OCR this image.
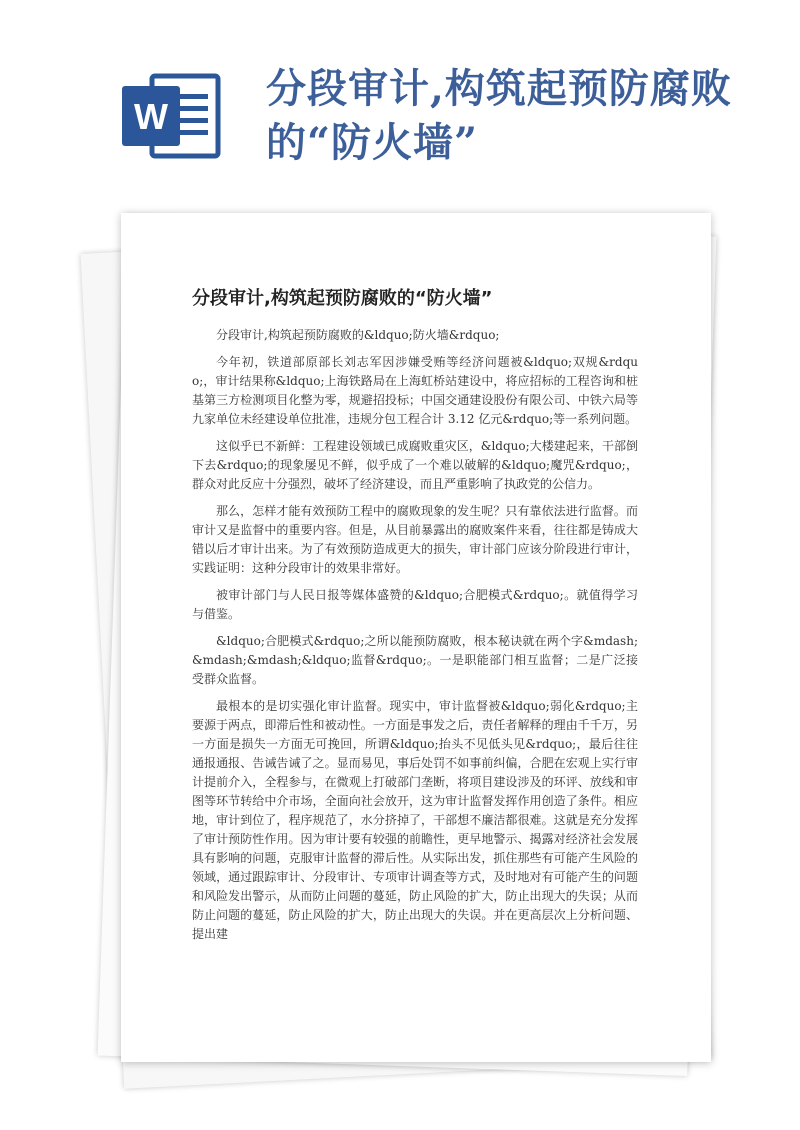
W
分段审计,构筑起预防腐败的“防火墙”
分段审计,构筑起预防腐败的“防火墙”

分段审计,构筑起预防腐败的&ldquo;防火墙&rdquo;

今年初，铁道部原部长刘志军因涉嫌受贿等经济问题被&ldquo;双规&rdquo;，审计结果称&ldquo;上海铁路局在上海虹桥站建设中，将应招标的工程咨询和桩基第三方检测项目化整为零，规避招投标；中国交通建设股份有限公司、中铁六局等九家单位未经建设单位批准，违规分包工程合计 3.12 亿元&rdquo;等一系列问题。

这似乎已不新鲜：工程建设领域已成腐败重灾区，&ldquo;大楼建起来，干部倒下去&rdquo;的现象屡见不鲜，似乎成了一个难以破解的&ldquo;魔咒&rdquo;，群众对此反应十分强烈，破坏了经济建设，而且严重影响了执政党的公信力。

那么，怎样才能有效预防工程中的腐败现象的发生呢？只有靠依法进行监督。而审计又是监督中的重要内容。但是，从目前暴露出的腐败案件来看，往往都是铸成大错以后才审计出来。为了有效预防造成更大的损失，审计部门应该分阶段进行审计，实践证明：这种分段审计的效果非常好。

被审计部门与人民日报等媒体盛赞的&ldquo;合肥模式&rdquo;。就值得学习与借鉴。

&ldquo;合肥模式&rdquo;之所以能预防腐败，根本秘诀就在两个字&mdash;&mdash;&mdash;&ldquo;监督&rdquo;。一是职能部门相互监督；二是广泛接受群众监督。

最根本的是切实强化审计监督。现实中，审计监督被&ldquo;弱化&rdquo;主要源于两点，即滞后性和被动性。一方面是事发之后，责任者解释的理由千千万，另一方面是损失一方面无可挽回，所谓&ldquo;抬头不见低头见&rdquo;，最后往往通报通报、告诫告诫了之。显而易见，事后处罚不如事前纠偏，合肥在宏观上实行审计提前介入，全程参与，在微观上打破部门垄断，将项目建设涉及的环评、放线和审图等环节转给中介市场，全面向社会放开，这为审计监督发挥作用创造了条件。相应地，审计到位了，程序规范了，水分挤掉了，干部想不廉洁都很难。这就是充分发挥了审计预防性作用。因为审计要有较强的前瞻性，更早地警示、揭露对经济社会发展具有影响的问题，克服审计监督的滞后性。从实际出发，抓住那些有可能产生风险的领域，通过跟踪审计、分段审计、专项审计调查等方式，及时地对有可能产生的问题和风险发出警示，从而防止问题的蔓延，防止风险的扩大，防止出现大的失误；从而防止问题的蔓延，防止风险的扩大，防止出现大的失误。并在更高层次上分析问题、提出建
